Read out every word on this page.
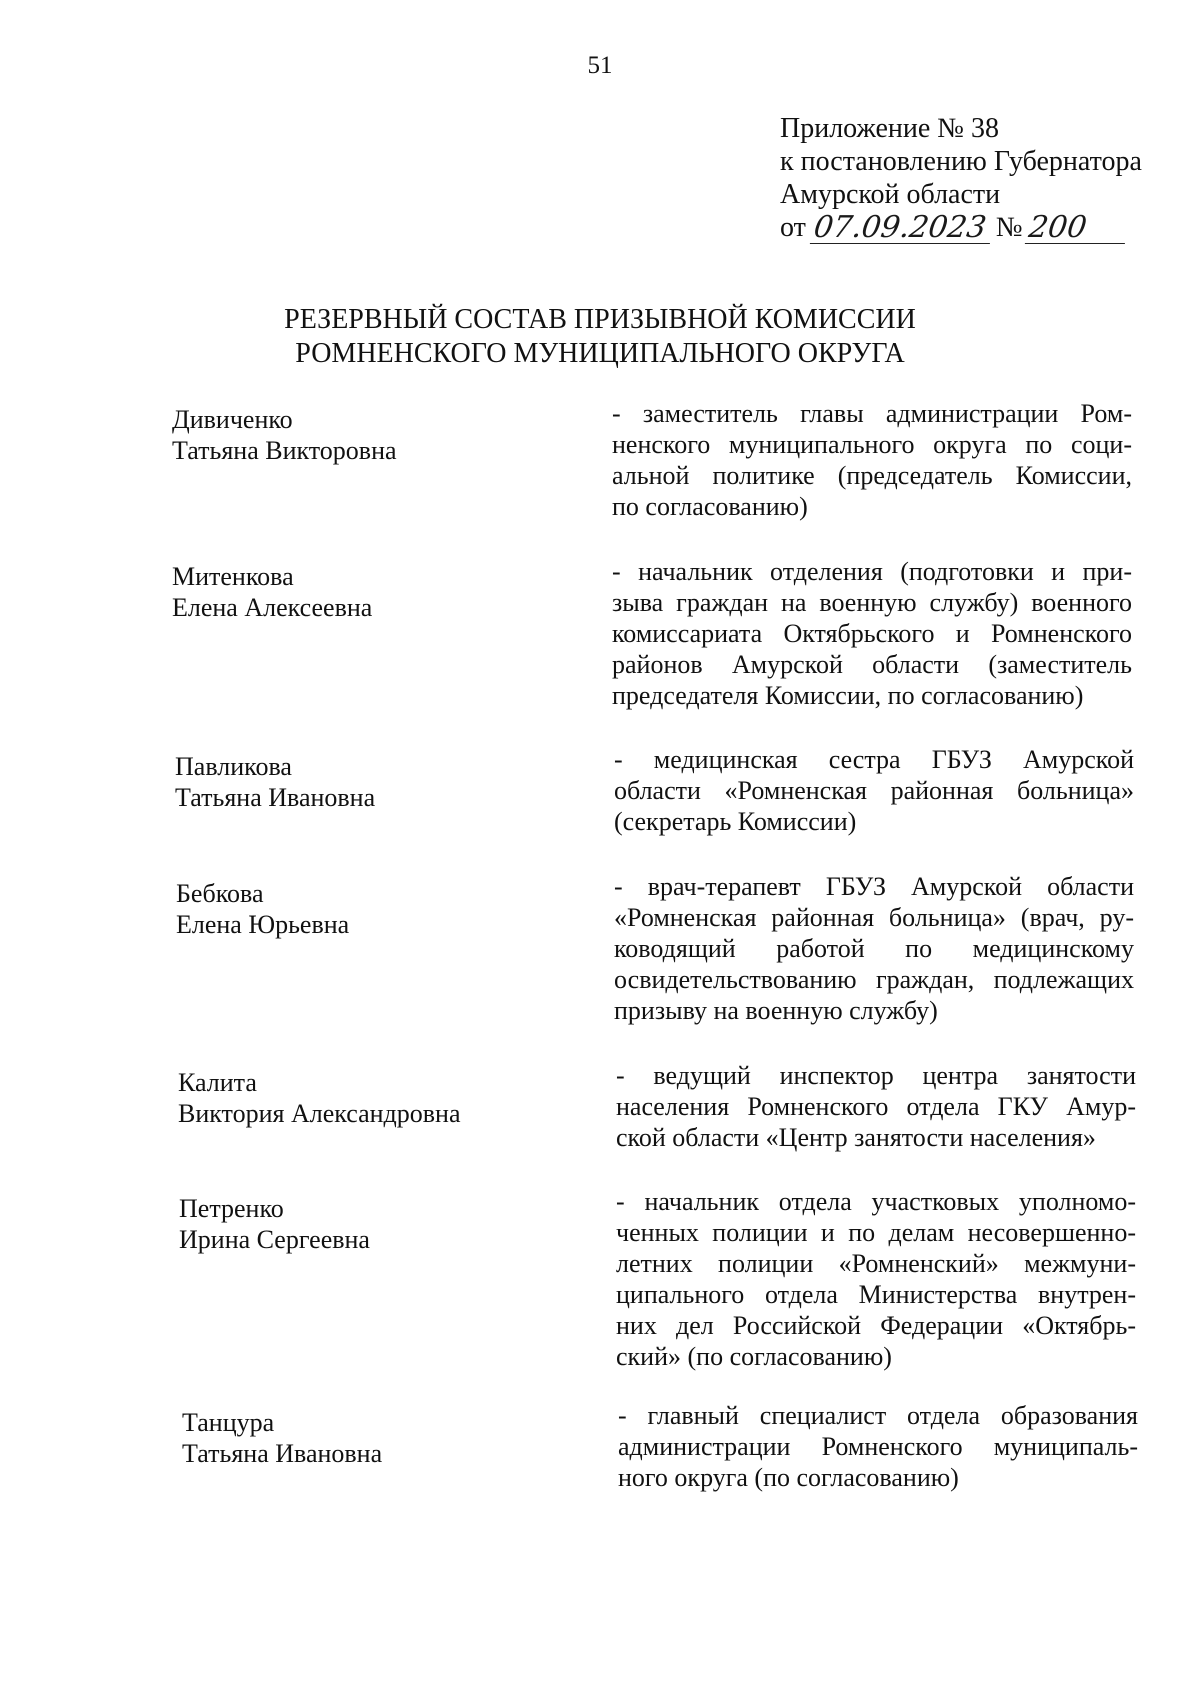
51
Приложение № 38
к постановлению Губернатора
Амурской области
от 07.09.2023 № 200
РЕЗЕРВНЫЙ СОСТАВ ПРИЗЫВНОЙ КОМИССИИ
РОМНЕНСКОГО МУНИЦИПАЛЬНОГО ОКРУГА
Дивиченко
Татьяна Викторовна
- заместитель главы администрации Ром-
ненского муниципального округа по соци-
альной политике (председатель Комиссии,
по согласованию)
Митенкова
Елена Алексеевна
- начальник отделения (подготовки и при-
зыва граждан на военную службу) военного
комиссариата Октябрьского и Ромненского
районов Амурской области (заместитель
председателя Комиссии, по согласованию)
Павликова
Татьяна Ивановна
- медицинская сестра ГБУЗ Амурской
области «Ромненская районная больница»
(секретарь Комиссии)
Бебкова
Елена Юрьевна
- врач-терапевт ГБУЗ Амурской области
«Ромненская районная больница» (врач, ру-
ководящий работой по медицинскому освидетельствованию граждан, подлежащих
призыву на военную службу)
Калита
Виктория Александровна
- ведущий инспектор центра занятости
населения Ромненского отдела ГКУ Амур-
ской области «Центр занятости населения»
Петренко
Ирина Сергеевна
- начальник отдела участковых уполномо-
ченных полиции и по делам несовершенно-
летних полиции «Ромненский» межмуни-
ципального отдела Министерства внутрен-
них дел Российской Федерации «Октябрь-
ский» (по согласованию)
Танцура
Татьяна Ивановна
- главный специалист отдела образования
администрации Ромненского муниципаль-
ного округа (по согласованию)
